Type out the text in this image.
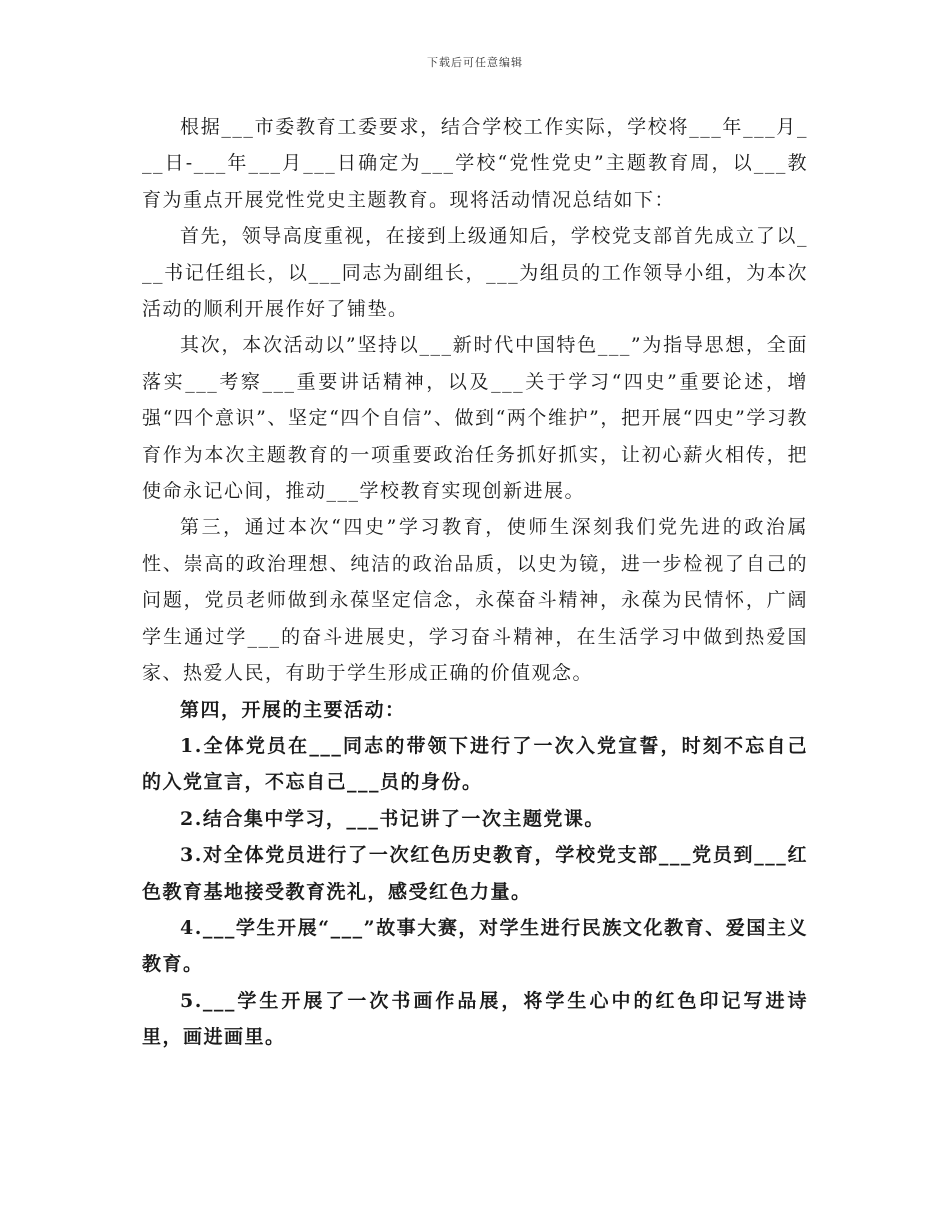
下载后可任意编辑

根据___市委教育工委要求，结合学校工作实际，学校将___年___月___日-___年___月___日确定为___学校“党性党史”主题教育周，以___教育为重点开展党性党史主题教育。现将活动情况总结如下：

首先，领导高度重视，在接到上级通知后，学校党支部首先成立了以___书记任组长，以___同志为副组长，___为组员的工作领导小组，为本次活动的顺利开展作好了铺垫。

其次，本次活动以”坚持以___新时代中国特色___”为指导思想，全面落实___考察___重要讲话精神，以及___关于学习“四史”重要论述，增强“四个意识”、坚定“四个自信”、做到“两个维护”，把开展“四史”学习教育作为本次主题教育的一项重要政治任务抓好抓实，让初心薪火相传，把使命永记心间，推动___学校教育实现创新进展。

第三，通过本次“四史”学习教育，使师生深刻我们党先进的政治属性、崇高的政治理想、纯洁的政治品质，以史为镜，进一步检视了自己的问题，党员老师做到永葆坚定信念，永葆奋斗精神，永葆为民情怀，广阔学生通过学___的奋斗进展史，学习奋斗精神，在生活学习中做到热爱国家、热爱人民，有助于学生形成正确的价值观念。

第四，开展的主要活动：

1.全体党员在___同志的带领下进行了一次入党宣誓，时刻不忘自己的入党宣言，不忘自己___员的身份。

2.结合集中学习，___书记讲了一次主题党课。

3.对全体党员进行了一次红色历史教育，学校党支部___党员到___红色教育基地接受教育洗礼，感受红色力量。

4.___学生开展“___”故事大赛，对学生进行民族文化教育、爱国主义教育。

5.___学生开展了一次书画作品展，将学生心中的红色印记写进诗里，画进画里。
